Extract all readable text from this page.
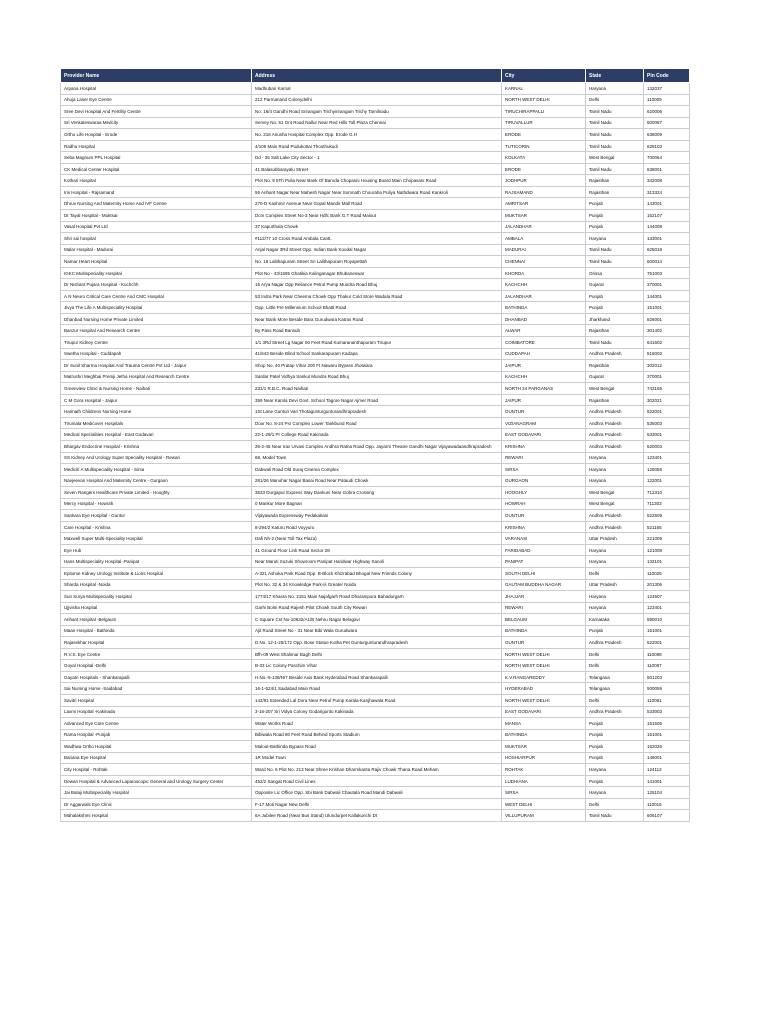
Provider Name	Address	City	State	Pin Code
Arpana Hospital	Madhuban Karnal	KARNAL	Haryana	132037
Ahuja Laser Eye Centre	212 Parmanand Colonydelhi	NORTH WEST DELHI	Delhi	110009
Sree Devi Hospital And Fertility Centre	No. 16/4 Gandhi Road Srirangam Trichyirirangam Trichy Tamilnadu	TIRUCHIRAPPALLI	Tamil Nadu	620006
Sri Venkateswaraa Medcity	Servey No. 51 Gnt Road Nallur Near Red Hills Toll Plaza Chennai	TIRUVALLUR	Tamil Nadu	600067
Ortho Life Hospital - Erode	No. 216 Anusha Hospital Complex Opp. Erode G.H	ERODE	Tamil Nadu	638009
Radhu Hospital	4/105 Main Road Pudukottai Thoothukudi	TUTICORIN	Tamil Nadu	628103
Seba Magnum PPL Hospital	Dd - 35 Salt Lake City Sector - 1	KOLKATA	West Bengal	700064
CK Medical Center Hospital	41 Balasubbarayalu Street	ERODE	Tamil Nadu	638001
Kothari Hospital	Plot No. 9 5Th Pulia Near Bank Of Baroda Chopasni Housing Board Main Chopasani Road	JODHPUR	Rajasthan	342008
Iris Hospital - Rajsamand	56 Arihant Nagar Near Mahesh Nagar Near Somnath Chouraha Puliya Nathdwara Road Kankroli	RAJSAMAND	Rajasthan	313324
Dhruv Nursing And Maternity Home And IVF Centre	270-D Kashmir Avenue Near Gopal Mandir Mall Road	AMRITSAR	Punjab	143001
Dr Tayal Hospital - Muktsar	Dcm Complex Street No-3 Near Hdfc Bank G.T Road Malout	MUKTSAR	Punjab	152107
Vasal Hospital Pvt Ltd	37 Kapurthala Chowk	JALANDHAR	Punjab	144008
Shri sai hospital	#112/77 10 Cross Road Ambala Cantt.	AMBALA	Haryana	133001
Malar Hospital - Madurai	Anjal Nagar 3Rd Street Opp. Indian Bank Koodal Nagar	MADURAI	Tamil Nadu	625018
Namar Heart Hospital	No. 18 Lalithapuram Street Sri Lalithapuram Royapettah	CHENNAI	Tamil Nadu	600014
IGKC Multispeciality Hospital	Plot No - 43/1695 Ghatikia Kalinganagar Bhubaneswar	KHORDA	Orissa	751003
Dr Nishant Pujara Hospital - Kuchchh	15 Arya Nagar Opp Reliance Petrol Pump Mundra Road Bhuj	KACHCHH	Gujarat	370001
A.N Neuro Critical Care Centre And CMC Hospital	53 Indra Park Near Cheema Chowk Opp Thakur Cold Store Wadala Road	JALANDHAR	Punjab	144001
Jivya The Life A Multispeciality Hospital	Opp. Little Pre Millennium School Bhatti Road	BATHINDA	Punjab	151001
Dhanbad Nursing Home Private Limited	Near Bank More Beside Bara Gurudwara Katras Road	DHANBAD	Jharkhand	826001
Banzur Hospital And Research Centre	By Pass Road Bansub	ALWAR	Rajasthan	301402
Tirupur Kidney Centre	1/1 3Rd Street Lg Nagar 60 Feet Road Kumarananthapuram Tirupur	COIMBATORE	Tamil Nadu	641602
Swetha Hospital - Cuddapah	41/643 Beside Blind School Sankarapuram Kadapa	CUDDAPAH	Andhra Pradesh	516002
Dr Sunil Sharma Hospital And Trauma Centre Pvt Ltd - Jaipur	Shop No. 40 Pratap Vihar 200 Ft Nawaru Bypass Jhotwara	JAIPUR	Rajasthan	302012
Matrushri Meghbai Premji Jetha Hospital And Research Centre	Sardar Patel Vidhya Sankul Mundra Road Bhuj	KACHCHH	Gujarat	370001
Greenview Clinic & Nursing Home - Naihati	231/1 R.B.C. Road Naihati	NORTH 24 PARGANAS	West Bengal	743165
C M Gora Hospital - Jaipur	359 Near Kamla Devi Govt. School Tagore Nagar Ajmer Road	JAIPUR	Rajasthan	302021
Harinath Childrens Nursing Home	1St Lane Gunturi Vari Thotagunturgunturandhrapradesh	GUNTUR	Andhra Pradesh	522001
Tirumala Medicover Hospitals	Door No. 8-24 Psr Complex Lower Tankbund Road	VIZIANAGRAM	Andhra Pradesh	535003
Medical Specialities Hospital - East Godavari	22-1-29/1 Pr College Road Kakinada	EAST GODAVARI	Andhra Pradesh	533001
Bhargav Endocrine Hospital - Krishna	26-2-45 Near Irax Urvasi Complex Andhra Ratna Road Opp. Jayarm Theatre Gandhi Nagar Vijayawadaandhrapradesh	KRISHNA	Andhra Pradesh	520003
SS Kidney And Urology Super Speciality Hospital - Rewari	68, Model Town	REWARI	Haryana	123401
Medicití A Multispeciality Hospital - Sirsa	Dabwali Road Old Suraj Cinema Complex	SIRSA	Haryana	125055
Navjeevan Hospital And Maternity Centre - Gurgaon	281/26 Manohar Nagar Basai Road Near Pataudi Chowk	GURGAON	Haryana	122001
Seven Rangers Healthcare Private Limited - Hooghly	3533 Durgapur Express Way Dankuni Near Gobra Crossing	HOOGHLY	West Bengal	712310
Mercy Hospital - Howrah	0 Mankur More Bagnan	HOWRAH	West Bengal	711303
Sankara Eye Hospital - Guntur	Vijayawada Expressway Pedakakani	GUNTUR	Andhra Pradesh	522509
Care Hospital - Krishna	8-294/2 Katuru Road Vuyyuru	KRISHNA	Andhra Pradesh	521165
Maxwell Super Multi-Speciality Hospital	Dafi Nh-2 (Near Toll Tax Plaza)	VARANASI	Uttar Pradesh	221005
Eye Hub	41 Ground Floor Link Road Sector 28	FARIDABAD	Haryana	121008
Hans Multispeciality Hospital -Panipat	Near Maruti Suzuki Showroom Panipat Haridwar Highway Sanoli	PANIPAT	Haryana	132101
Epitome Kidney Urology Institute & Lions Hospital	A-321 Ashoka Park Road Opp. B-Block Khizrabad Bhogal New Friends Colony	SOUTH DELHI	Delhi	110025
Sharda Hospital -Noida	Plot No. 32 & 34 Knowledge Park-Iii Greater Noida	GAUTAM BUDDHA NAGAR	Uttar Pradesh	201306
Sun Surya Multispeciality Hospital	1774/17 Khasra No. 2151 Main Najafgarh Road Dharampura Bahadurgarh	JHAJJAR	Haryana	124507
Ujjvisha Hospital	Garhi Bolni Road Rajesh Pilot Chowk South City Rewari	REWARI	Haryana	123401
Arihant Hospital -Belgaum	C-Square Cst No-10632/A1/B Nehru Nagar Belagavi	BELGAUM	Karnataka	590010
Maan Hospital - Bathinda	Ajit Road Street No - 31 Near Bibi Wala Gurudwara	BATHINDA	Punjab	151001
Rajasekhar Hospital	D.No. 12-1-25/172 Opp. Bose Statue Kotha Pet Gunturgunturandhrapradesh	GUNTUR	Andhra Pradesh	522001
R.V.S. Eye Centre	Bfh-09 West Shalimar Bagh Delhi	NORTH WEST DELHI	Delhi	110088
Goyal Hospital -Delhi	B-33 Lic Colony Paschim Vihar	NORTH WEST DELHI	Delhi	110087
Gayatri Hospitals - Shankarapalli	H.No.-5-139/N/7 Beside Axis Bank Hyderabad Road Shankarapalli	K.V.RANGAREDDY	Telangana	501203
Sai Nursing Home -Saidabad	16-1-524/1 Saidabad Main Road	HYDERABAD	Telangana	500059
Savitri Hospital	142/91 Extended Lal Dora Near Petrol Pump Karala-Kanjhawala Road	NORTH WEST DELHI	Delhi	110081
Laxmi Hospital -Kakinada	3-16-207 Sri Vidya Colony Godariguntu Kakinada	EAST GODAVARI	Andhra Pradesh	533003
Advanced Eye Care Centre	Water Works Road	MANSA	Punjab	151505
Rama Hospital -Punjab	Bibiwala Road 80 Feet Road Behind Sports Stadium	BATHINDA	Punjab	151001
Wadhwa Ortho Hospital	Malout-Bathinda Bypass Road	MUKTSAR	Punjab	152026
Bariana Eye Hospital	1R Model Town	HOSHIARPUR	Punjab	146001
City Hospital - Rohtak	Ward No. 6 Plot No. 213 Near Shree Krishan Dharmkanta Rajiv Chowk Thana Road Meham	ROHTAK	Haryana	124112
Dewan Hospital & Advanced Laparoscopic General and Urology Surgery Center	452/2 Sangat Road Civil Lines	LUDHIANA	Punjab	141001
Jai Balaji Multispeciality Hospital	Opposite Lic Office Opp. Sbi Bank Dabwali Chautala Road Mandi Dabwali	SIRSA	Haryana	125104
Dr Aggarwals Eye Clinic	F-17 Moti Nagar New Delhi	WEST DELHI	Delhi	110015
Mahalakshmi Hospital	6A Jubilee Road (Near Bus Stand) Ulundurpet Kallakurichi Dt	VILLUPURAM	Tamil Nadu	606107
